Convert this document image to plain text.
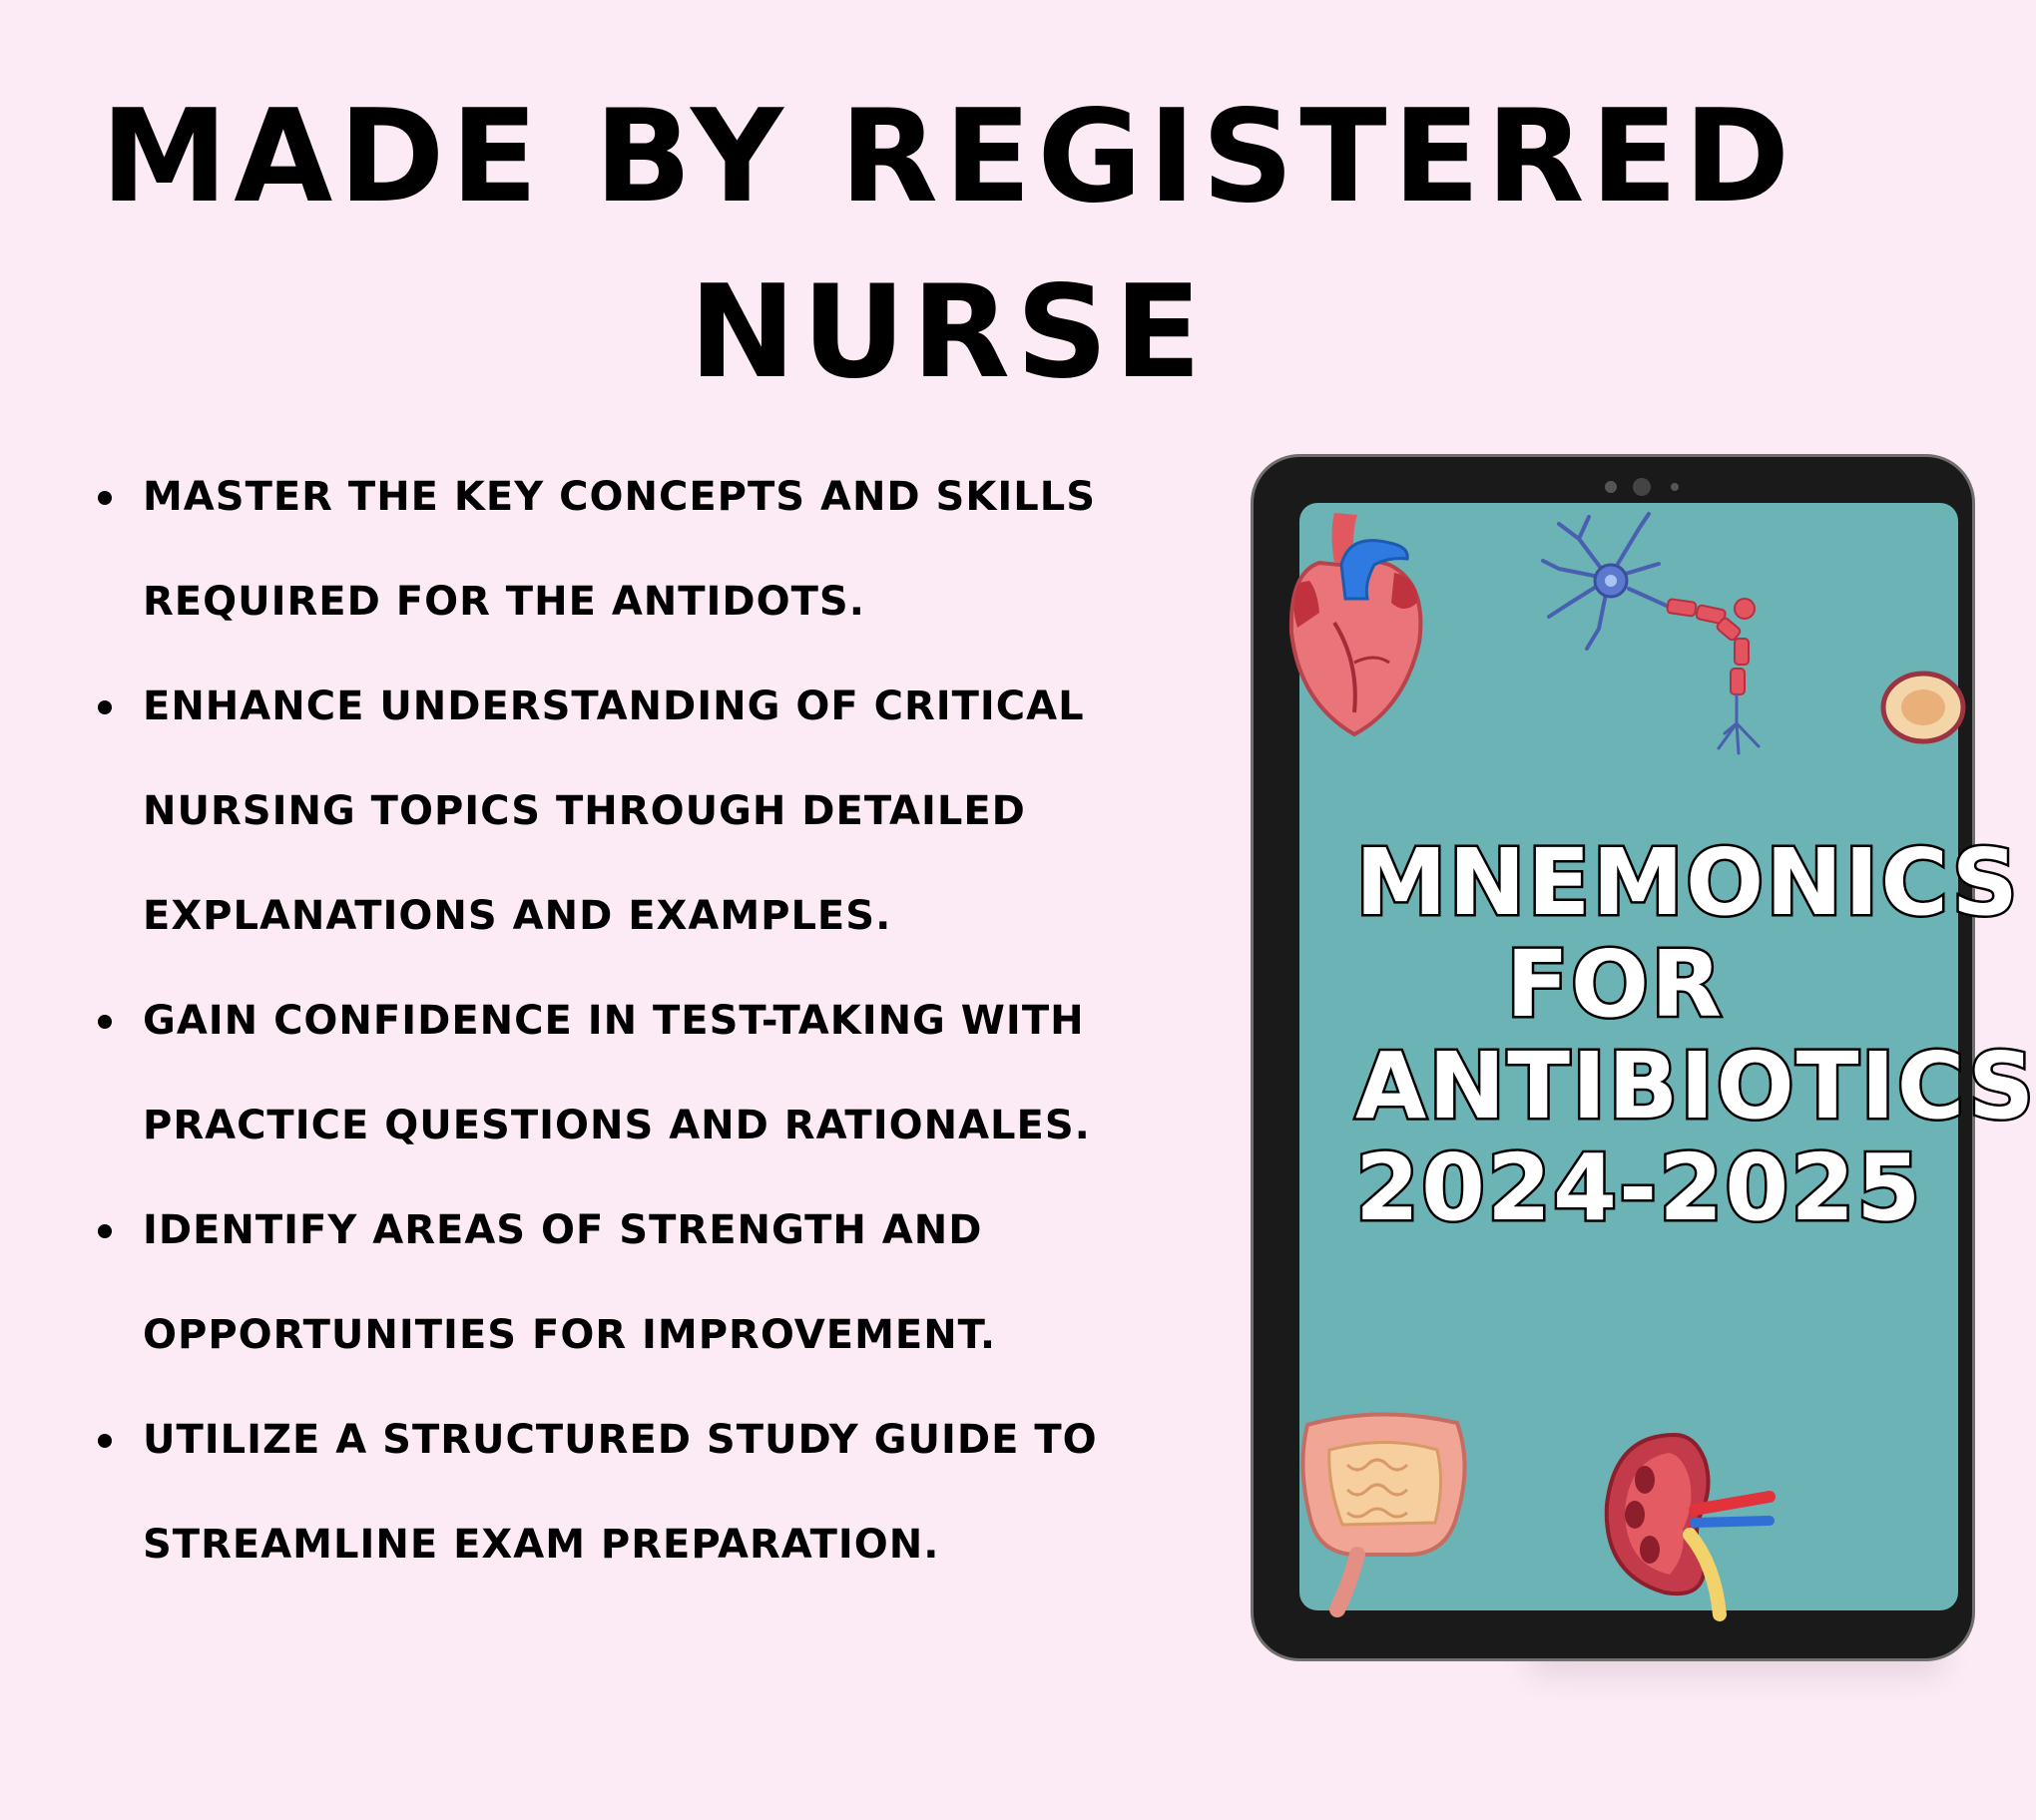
MADE BY REGISTERED
NURSE
MASTER THE KEY CONCEPTS AND SKILLS REQUIRED FOR THE ANTIDOTS.
ENHANCE UNDERSTANDING OF CRITICAL NURSING TOPICS THROUGH DETAILED EXPLANATIONS AND EXAMPLES.
GAIN CONFIDENCE IN TEST-TAKING WITH PRACTICE QUESTIONS AND RATIONALES.
IDENTIFY AREAS OF STRENGTH AND OPPORTUNITIES FOR IMPROVEMENT.
UTILIZE A STRUCTURED STUDY GUIDE TO STREAMLINE EXAM PREPARATION.
MNEMONICS
FOR
ANTIBIOTICS
2024-2025
